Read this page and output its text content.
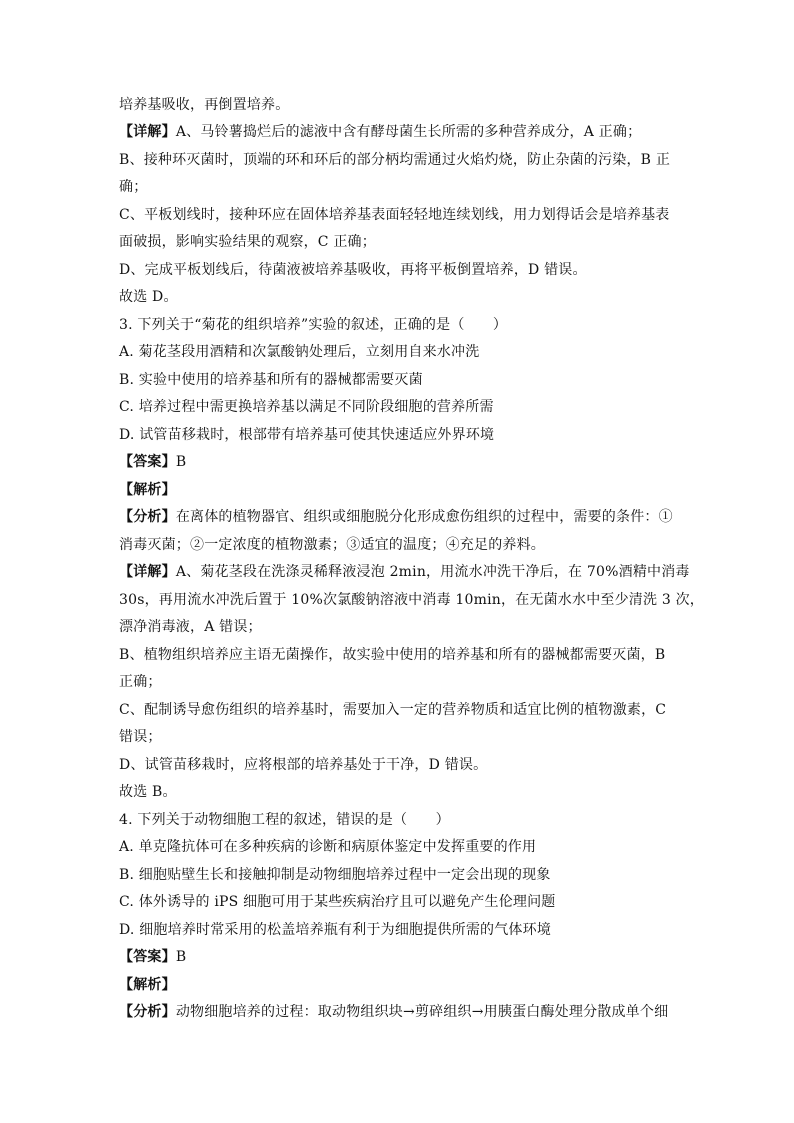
培养基吸收，再倒置培养。
【详解】A、马铃薯捣烂后的滤液中含有酵母菌生长所需的多种营养成分，A 正确；
B、接种环灭菌时，顶端的环和环后的部分柄均需通过火焰灼烧，防止杂菌的污染，B 正
确；
C、平板划线时，接种环应在固体培养基表面轻轻地连续划线，用力划得话会是培养基表
面破损，影响实验结果的观察，C 正确；
D、完成平板划线后，待菌液被培养基吸收，再将平板倒置培养，D 错误。
故选 D。
3. 下列关于“菊花的组织培养”实验的叙述，正确的是（　　）
A. 菊花茎段用酒精和次氯酸钠处理后，立刻用自来水冲洗
B. 实验中使用的培养基和所有的器械都需要灭菌
C. 培养过程中需更换培养基以满足不同阶段细胞的营养所需
D. 试管苗移栽时，根部带有培养基可使其快速适应外界环境
【答案】B
【解析】
【分析】在离体的植物器官、组织或细胞脱分化形成愈伤组织的过程中，需要的条件：①
消毒灭菌；②一定浓度的植物激素；③适宜的温度；④充足的养料。
【详解】A、菊花茎段在洗涤灵稀释液浸泡 2min，用流水冲洗干净后，在 70%酒精中消毒
30s，再用流水冲洗后置于 10%次氯酸钠溶液中消毒 10min，在无菌水水中至少清洗 3 次，
漂净消毒液，A 错误；
B、植物组织培养应主语无菌操作，故实验中使用的培养基和所有的器械都需要灭菌，B
正确；
C、配制诱导愈伤组织的培养基时，需要加入一定的营养物质和适宜比例的植物激素，C
错误；
D、试管苗移栽时，应将根部的培养基处于干净，D 错误。
故选 B。
4. 下列关于动物细胞工程的叙述，错误的是（　　）
A. 单克隆抗体可在多种疾病的诊断和病原体鉴定中发挥重要的作用
B. 细胞贴壁生长和接触抑制是动物细胞培养过程中一定会出现的现象
C. 体外诱导的 iPS 细胞可用于某些疾病治疗且可以避免产生伦理问题
D. 细胞培养时常采用的松盖培养瓶有利于为细胞提供所需的气体环境
【答案】B
【解析】
【分析】动物细胞培养的过程：取动物组织块→剪碎组织→用胰蛋白酶处理分散成单个细
